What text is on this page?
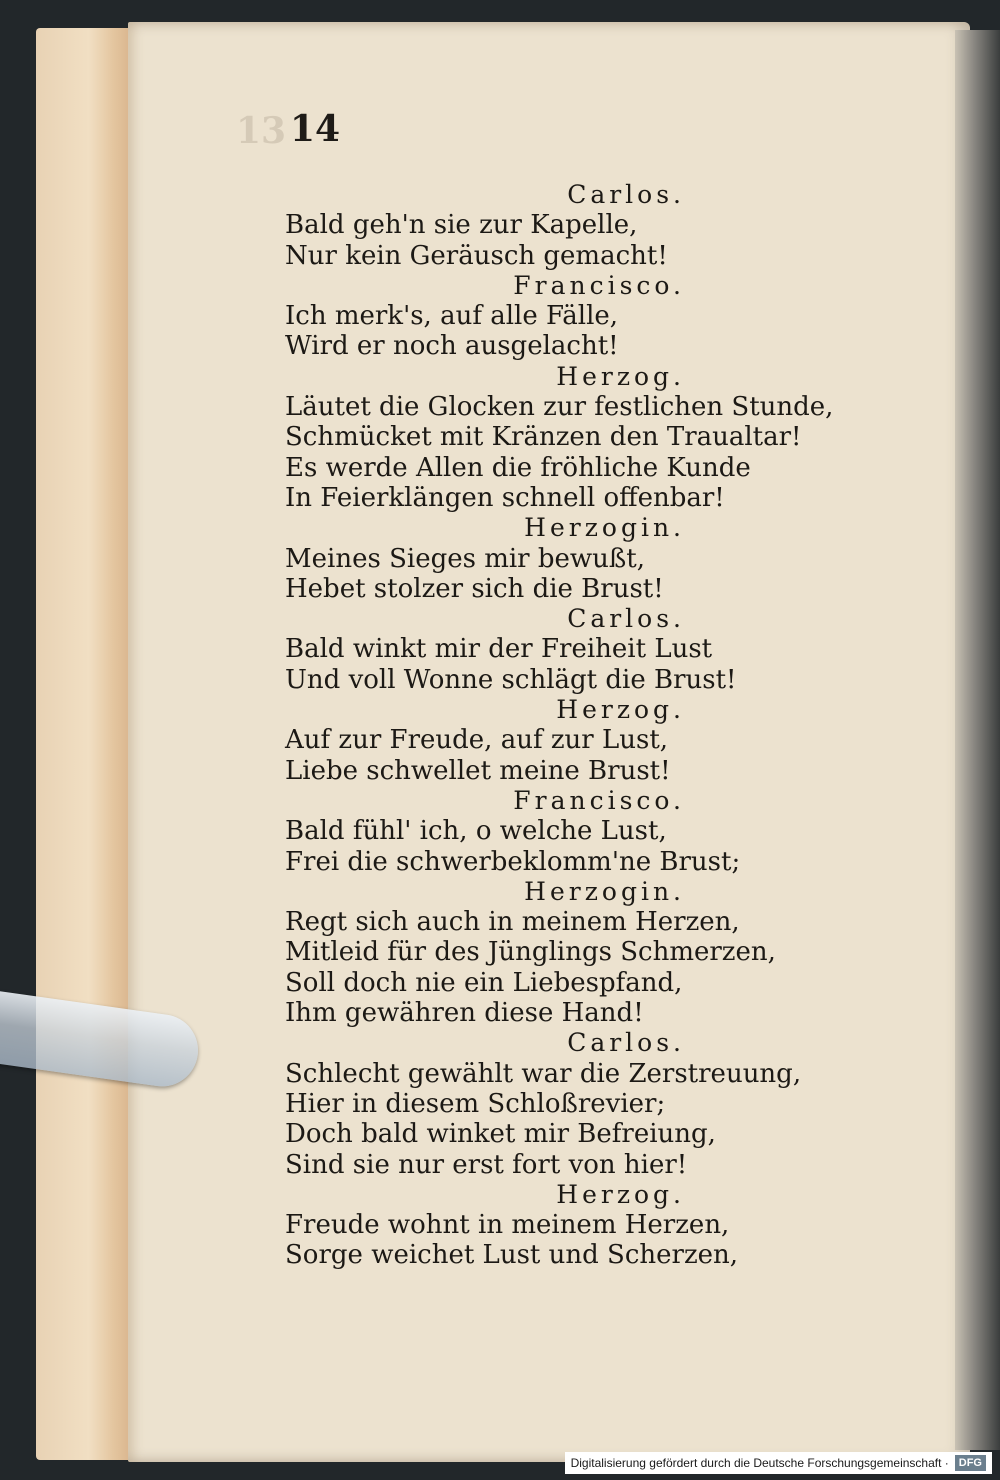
13 14
Carlos.
Bald geh'n sie zur Kapelle,
Nur kein Geräusch gemacht!
Francisco.
Ich merk's, auf alle Fälle,
Wird er noch ausgelacht!
Herzog.
Läutet die Glocken zur festlichen Stunde,
Schmücket mit Kränzen den Traualtar!
Es werde Allen die fröhliche Kunde
In Feierklängen schnell offenbar!
Herzogin.
Meines Sieges mir bewußt,
Hebet stolzer sich die Brust!
Carlos.
Bald winkt mir der Freiheit Lust
Und voll Wonne schlägt die Brust!
Herzog.
Auf zur Freude, auf zur Lust,
Liebe schwellet meine Brust!
Francisco.
Bald fühl' ich, o welche Lust,
Frei die schwerbeklomm'ne Brust;
Herzogin.
Regt sich auch in meinem Herzen,
Mitleid für des Jünglings Schmerzen,
Soll doch nie ein Liebespfand,
Ihm gewähren diese Hand!
Carlos.
Schlecht gewählt war die Zerstreuung,
Hier in diesem Schloßrevier;
Doch bald winket mir Befreiung,
Sind sie nur erst fort von hier!
Herzog.
Freude wohnt in meinem Herzen,
Sorge weichet Lust und Scherzen,
Digitalisierung gefördert durch die Deutsche Forschungsgemeinschaft · DFG
